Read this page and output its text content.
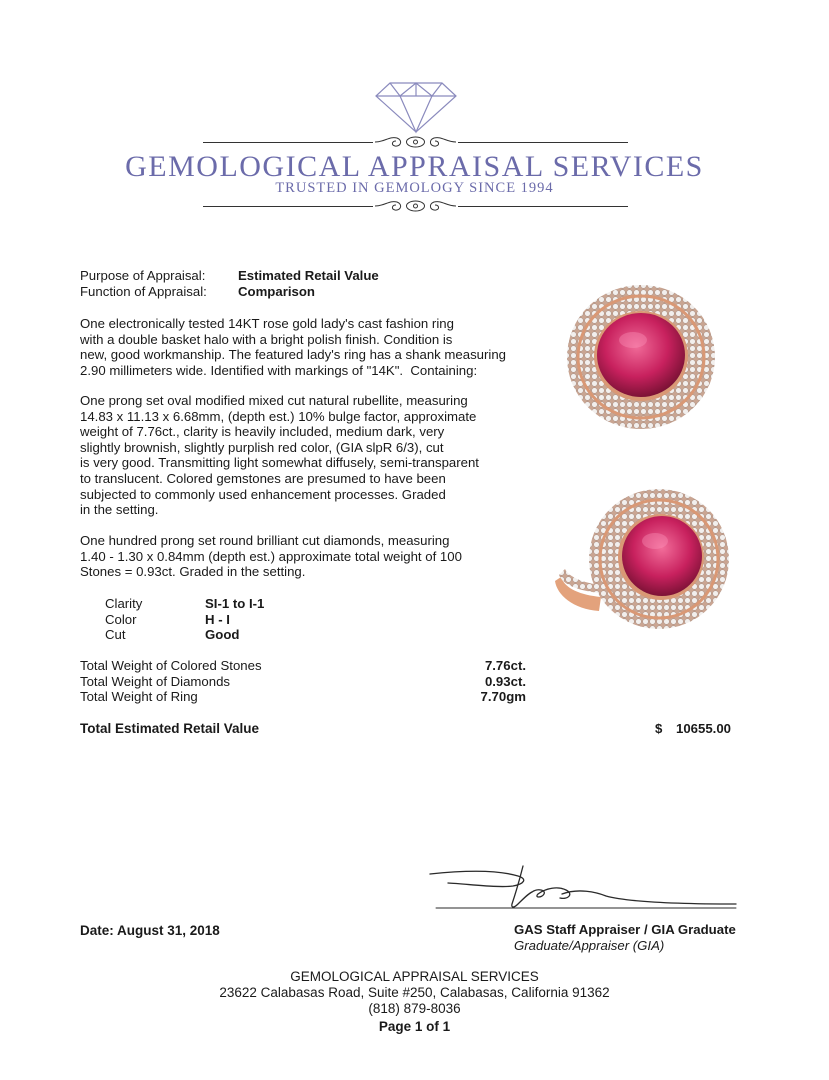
GEMOLOGICAL APPRAISAL SERVICES
TRUSTED IN GEMOLOGY SINCE 1994
Purpose of Appraisal: Estimated Retail Value
Function of Appraisal: Comparison
One electronically tested 14KT rose gold lady's cast fashion ring
with a double basket halo with a bright polish finish. Condition is
new, good workmanship. The featured lady's ring has a shank measuring
2.90 millimeters wide. Identified with markings of "14K".  Containing:
One prong set oval modified mixed cut natural rubellite, measuring
14.83 x 11.13 x 6.68mm, (depth est.) 10% bulge factor, approximate
weight of 7.76ct., clarity is heavily included, medium dark, very
slightly brownish, slightly purplish red color, (GIA slpR 6/3), cut
is very good. Transmitting light somewhat diffusely, semi-transparent
to translucent. Colored gemstones are presumed to have been
subjected to commonly used enhancement processes. Graded
in the setting.
One hundred prong set round brilliant cut diamonds, measuring
1.40 - 1.30 x 0.84mm (depth est.) approximate total weight of 100
Stones = 0.93ct. Graded in the setting.
Clarity	SI-1 to I-1
Color	H - I
Cut	Good
Total Weight of Colored Stones	7.76ct.
Total Weight of Diamonds	0.93ct.
Total Weight of Ring	7.70gm
Total Estimated Retail Value	$ 10655.00
Date: August 31, 2018	GAS Staff Appraiser / GIA Graduate
Graduate/Appraiser (GIA)
GEMOLOGICAL APPRAISAL SERVICES
23622 Calabasas Road, Suite #250, Calabasas, California 91362
(818) 879-8036
Page 1 of 1
